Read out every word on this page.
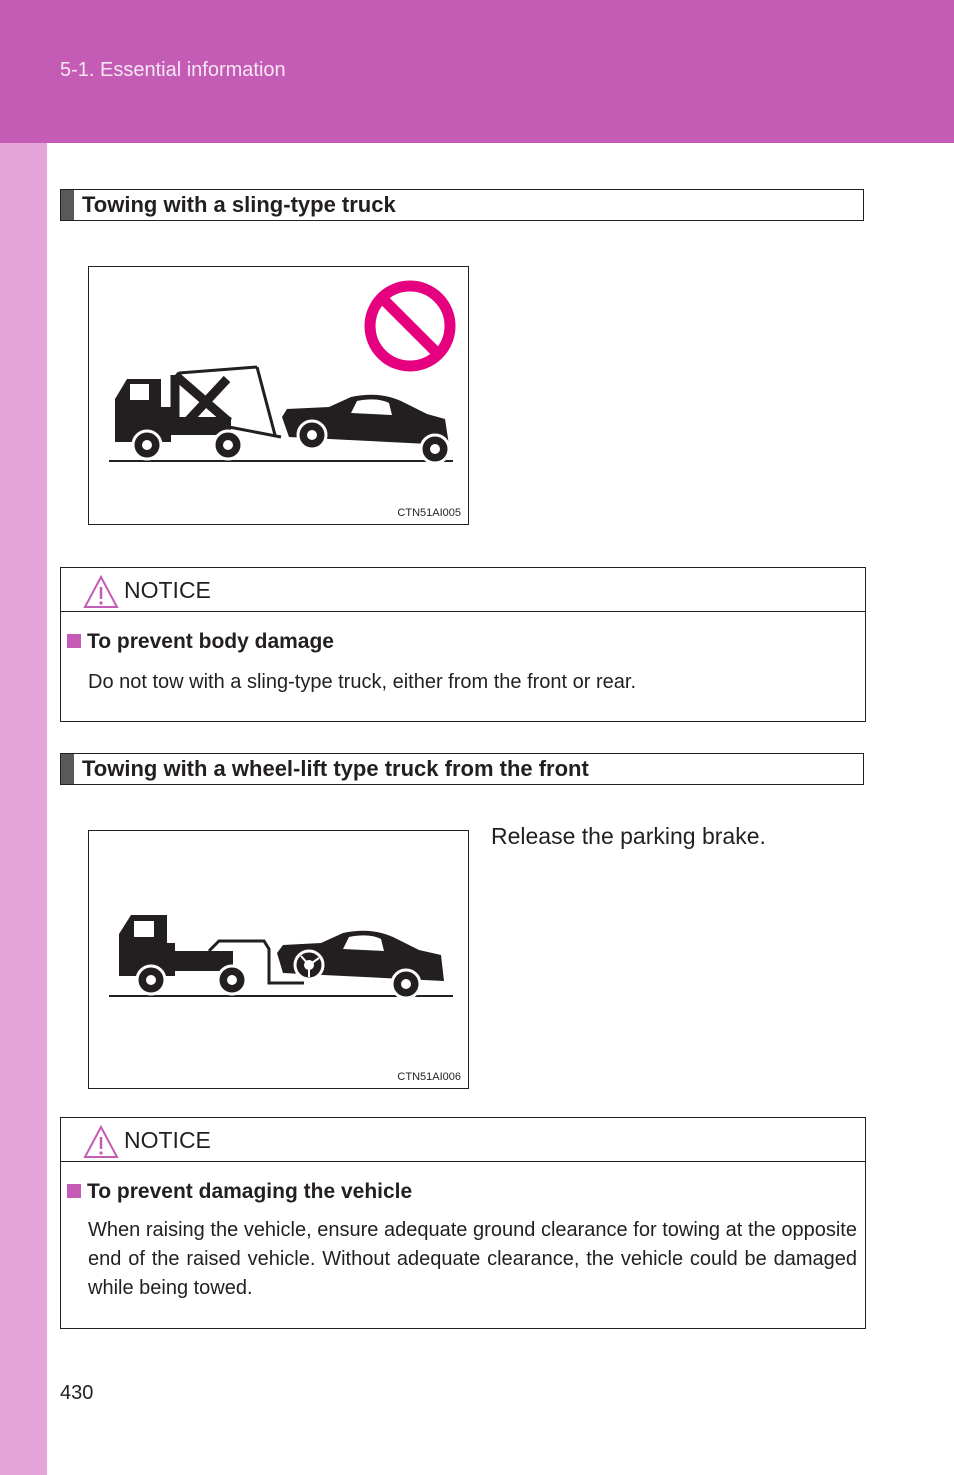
5-1. Essential information
Towing with a sling-type truck
CTN51AI005
NOTICE
To prevent body damage
Do not tow with a sling-type truck, either from the front or rear.
Towing with a wheel-lift type truck from the front
CTN51AI006
Release the parking brake.
NOTICE
To prevent damaging the vehicle
When raising the vehicle, ensure adequate ground clearance for towing at the opposite end of the raised vehicle. Without adequate clearance, the vehicle could be damaged while being towed.
430
